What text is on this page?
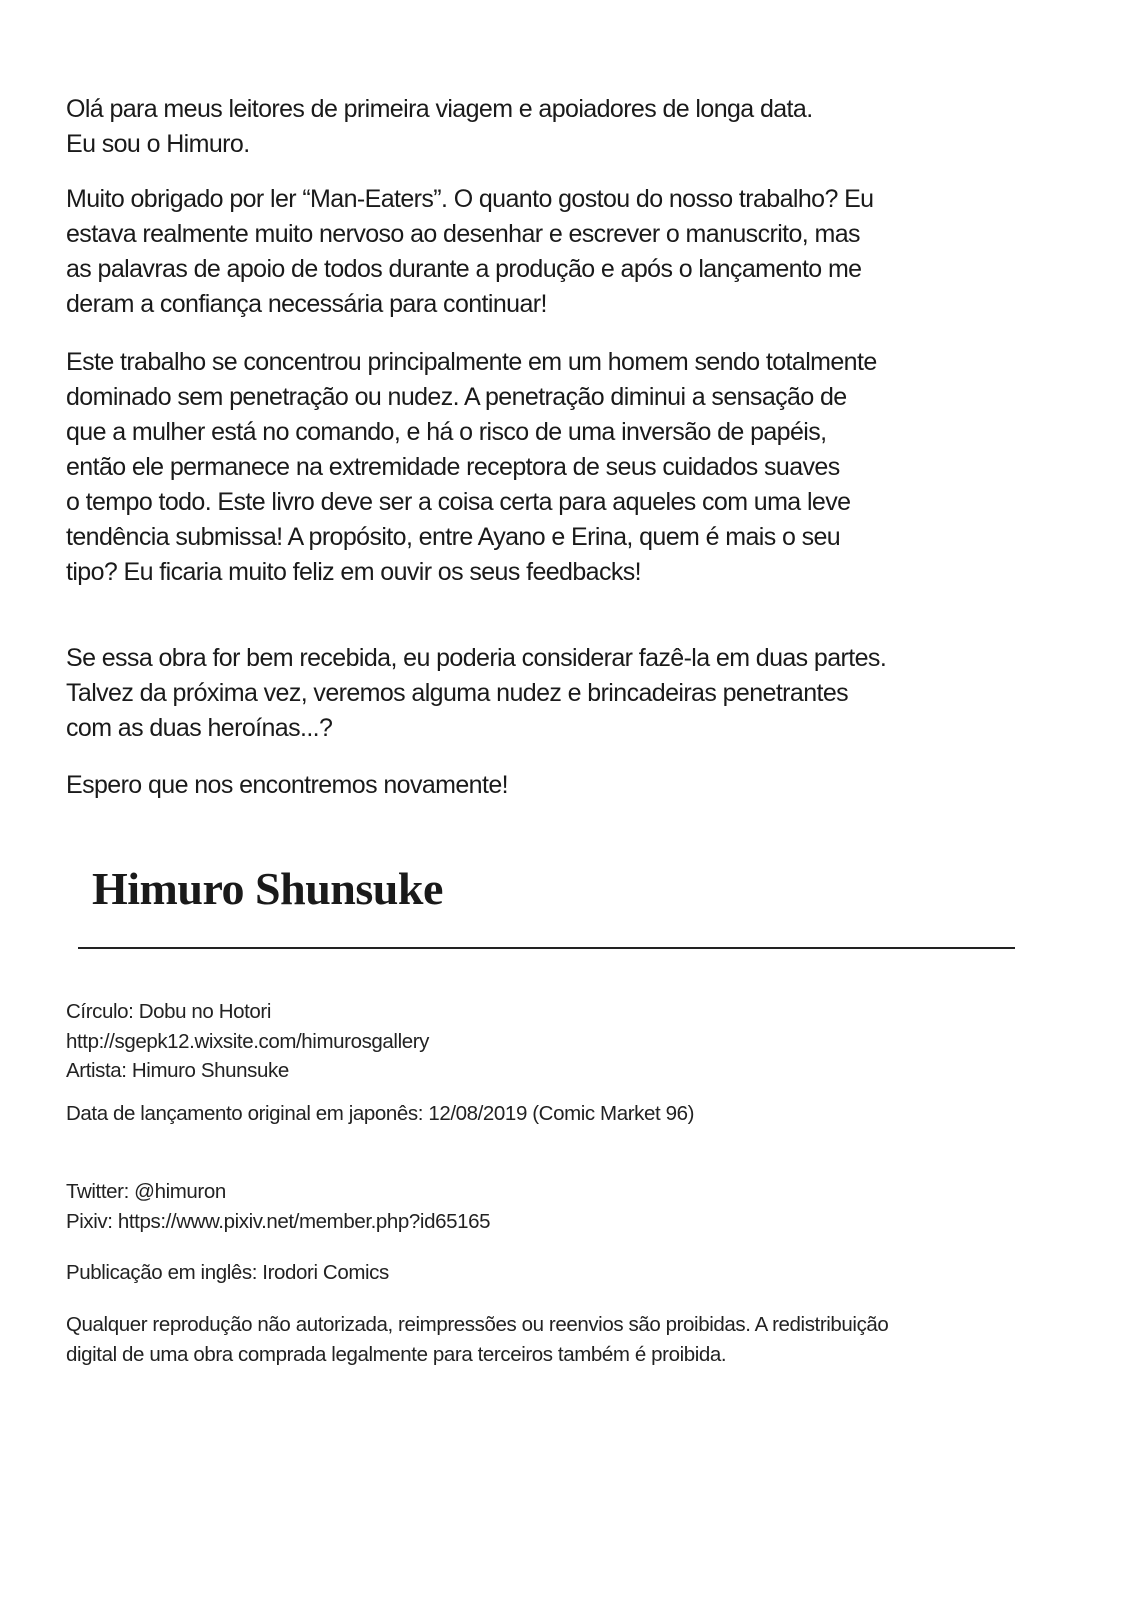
Olá para meus leitores de primeira viagem e apoiadores de longa data.
Eu sou o Himuro.
Muito obrigado por ler “Man-Eaters”. O quanto gostou do nosso trabalho? Eu
estava realmente muito nervoso ao desenhar e escrever o manuscrito, mas
as palavras de apoio de todos durante a produção e após o lançamento me
deram a confiança necessária para continuar!
Este trabalho se concentrou principalmente em um homem sendo totalmente
dominado sem penetração ou nudez. A penetração diminui a sensação de
que a mulher está no comando, e há o risco de uma inversão de papéis,
então ele permanece na extremidade receptora de seus cuidados suaves
o tempo todo. Este livro deve ser a coisa certa para aqueles com uma leve
tendência submissa! A propósito, entre Ayano e Erina, quem é mais o seu
tipo? Eu ficaria muito feliz em ouvir os seus feedbacks!
Se essa obra for bem recebida, eu poderia considerar fazê-la em duas partes.
Talvez da próxima vez, veremos alguma nudez e brincadeiras penetrantes
com as duas heroínas...?
Espero que nos encontremos novamente!
Himuro Shunsuke
Círculo: Dobu no Hotori
http://sgepk12.wixsite.com/himurosgallery
Artista: Himuro Shunsuke
Data de lançamento original em japonês: 12/08/2019 (Comic Market 96)
Twitter: @himuron
Pixiv: https://www.pixiv.net/member.php?id65165
Publicação em inglês: Irodori Comics
Qualquer reprodução não autorizada, reimpressões ou reenvios são proibidas. A redistribuição
digital de uma obra comprada legalmente para terceiros também é proibida.
